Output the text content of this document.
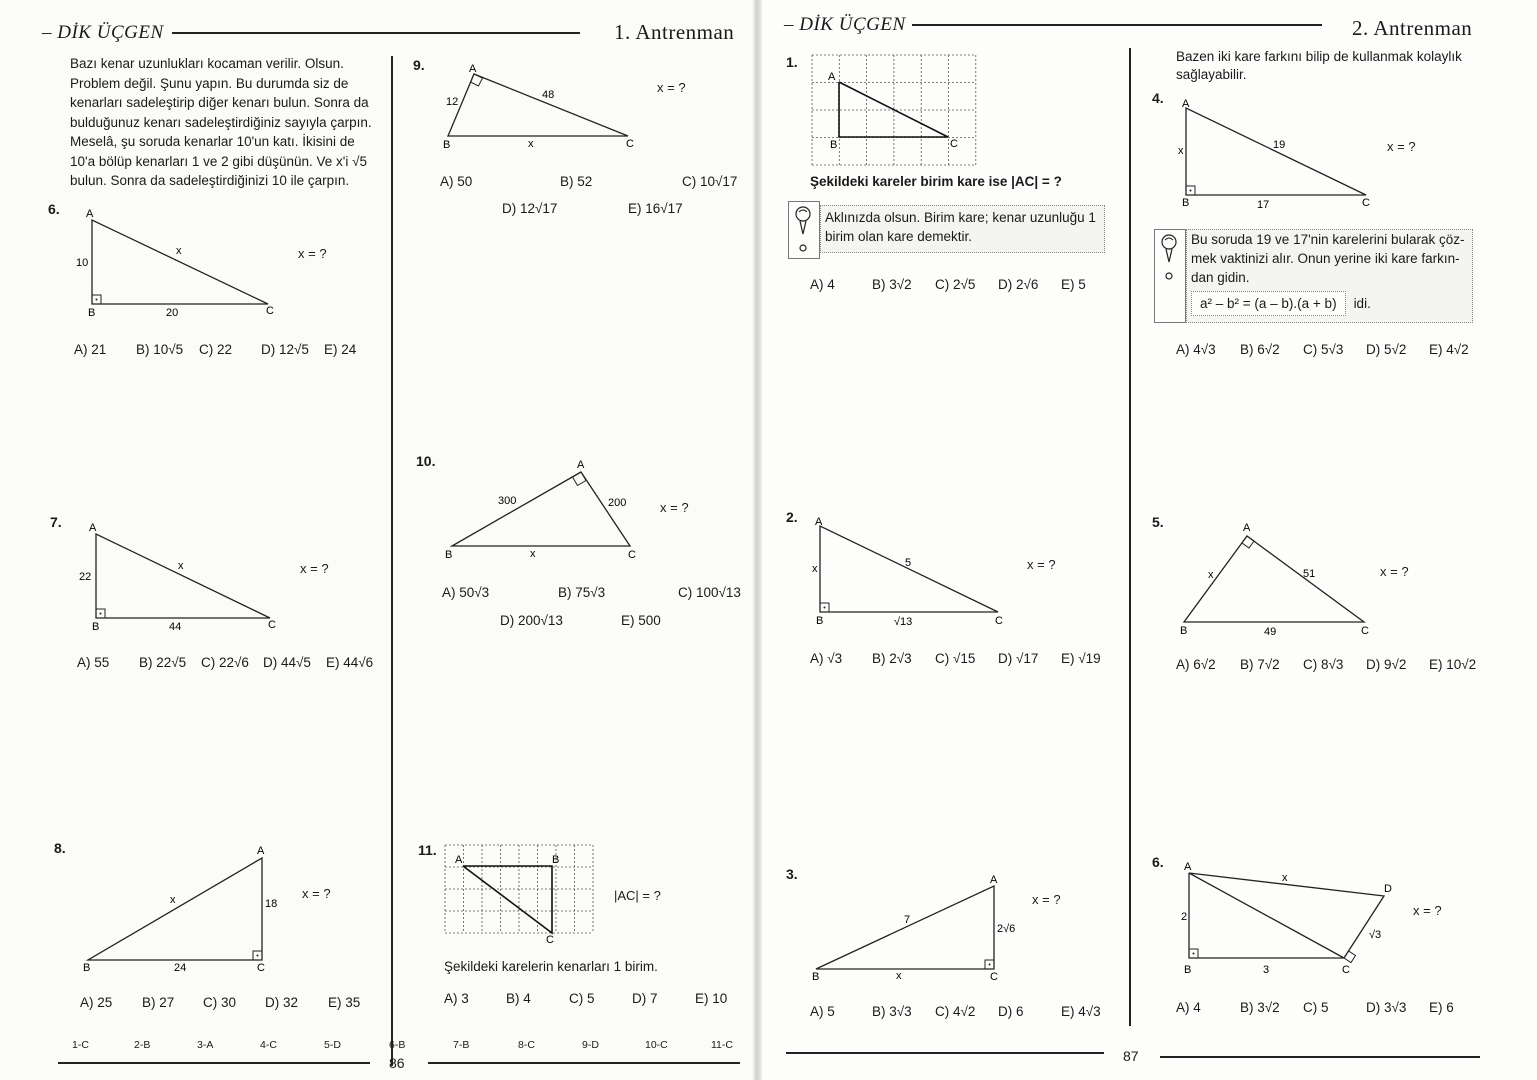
– DİK ÜÇGEN	1. Antrenman
Bazı kenar uzunlukları kocaman verilir. Olsun.
Problem değil. Şunu yapın. Bu durumda siz de
kenarları sadeleştirip diğer kenarı bulun. Sonra da
bulduğunuz kenarı sadeleştirdiğiniz sayıyla çarpın.
Meselâ, şu soruda kenarlar 10'un katı. İkisini de
10'a bölüp kenarları 1 ve 2 gibi düşünün. Ve x'i √5
bulun. Sonra da sadeleştirdiğinizi 10 ile çarpın.
6. A
B	C
10
20
x	x = ?
A) 21 B) 10√5 C) 22 D) 12√5 E) 24
7. A
B	C
22
44
x	x = ?
A) 55 B) 22√5 C) 22√6 D) 44√5 E) 44√6
8.	A
B	C
18
24
x	x = ?
A) 25 B) 27 C) 30 D) 32 E) 35
9.	A
B	C
12
48
x
x = ?
A) 50	B) 52	C) 10√17
D) 12√17	E) 16√17
10.	A
B	C
300	200
x
x = ?
A) 50√3	B) 75√3	C) 100√13
D) 200√13	E) 500
11.
A	B
C
|AC| = ?
Şekildeki karelerin kenarları 1 birim.
A) 3	B) 4	C) 5	D) 7	E) 10
1-C	2-B	3-A	4-C	5-D	6-B	7-B	8-C	9-D	10-C	11-C
86
– DİK ÜÇGEN	2. Antrenman
1.
A
B	C
Şekildeki kareler birim kare ise |AC| = ?
Aklınızda olsun. Birim kare; kenar uzunluğu 1
birim olan kare demektir.
A) 4	B) 3√2 C) 2√5 D) 2√6 E) 5
2. A
B	C
x
√13
5	x = ?
A) √3 B) 2√3 C) √15 D) √17 E) √19
3.	A
B	C
2√6
x
7
x = ?
A) 5	B) 3√3 C) 4√2 D) 6	E) 4√3
Bazen iki kare farkını bilip de kullanmak kolaylık
sağlayabilir.
4. A
B	C
x
17
19	x = ?
Bu soruda 19 ve 17'nin karelerini bularak çöz-
mek vaktinizi alır. Onun yerine iki kare farkın-
dan gidin.
a² – b² = (a – b).(a + b)	idi.
A) 4√3 B) 6√2 C) 5√3 D) 5√2 E) 4√2
5.	A
B	C
x
49
51	x = ?
A) 6√2 B) 7√2 C) 8√3 D) 9√2 E) 10√2
6. A
B	C
D
2
3
x
√3
x = ?
A) 4	B) 3√2 C) 5	D) 3√3 E) 6
87
